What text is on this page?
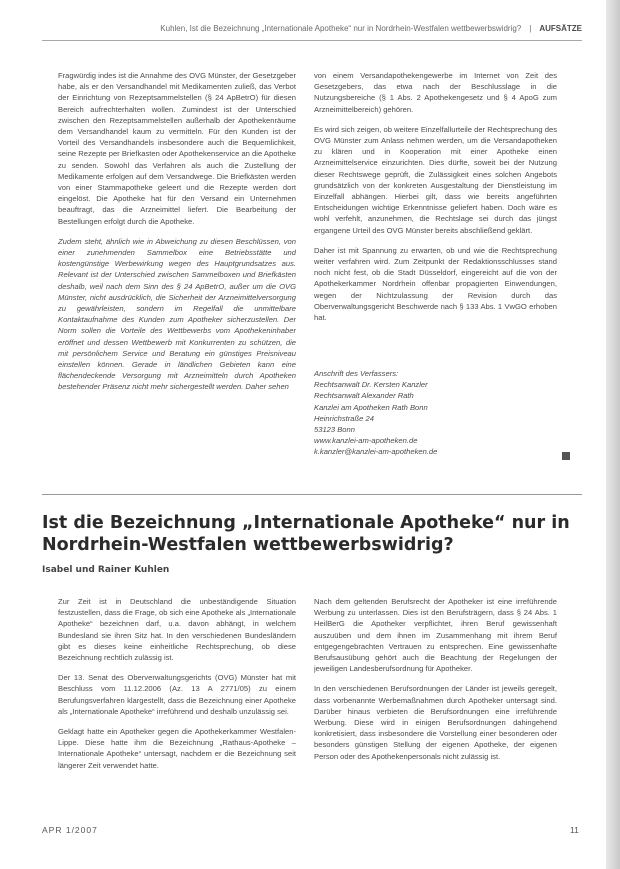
Kuhlen, Ist die Bezeichnung „Internationale Apotheke“ nur in Nordrhein-Westfalen wettbewerbswidrig? | AUFSÄTZE

Fragwürdig indes ist die Annahme des OVG Münster, der Gesetzgeber habe, als er den Versandhandel mit Medikamenten zuließ, das Verbot der Einrichtung von Rezeptsammelstellen (§ 24 ApBetrO) für diesen Bereich aufrechterhalten wollen. Zumindest ist der Unterschied zwischen den Rezeptsammelstellen außerhalb der Apothekenräume dem Versandhandel kaum zu vermitteln. Für den Kunden ist der Vorteil des Versandhandels insbesondere auch die Bequemlichkeit, seine Rezepte per Briefkasten oder Apothekenservice an die Apotheke zu senden. Sowohl das Verfahren als auch die Zustellung der Medikamente erfolgen auf dem Versandwege. Die Briefkästen werden von einer Stammapotheke geleert und die Rezepte werden dort eingelöst. Die Apotheke hat für den Versand ein Unternehmen beauftragt, das die Arzneimittel liefert. Die Bearbeitung der Bestellungen erfolgt durch die Apotheke.

Zudem steht, ähnlich wie in Abweichung zu diesen Beschlüssen, von einer zunehmenden Sammelbox eine Betriebsstätte und kostengünstige Werbewirkung wegen des Hauptgrundsatzes aus. Relevant ist der Unterschied zwischen Sammelboxen und Briefkästen deshalb, weil nach dem Sinn des § 24 ApBetrO, außer um die OVG Münster, nicht ausdrücklich, die Sicherheit der Arzneimittelversorgung zu gewährleisten, sondern im Regelfall die unmittelbare Kontaktaufnahme des Kunden zum Apotheker sicherzustellen. Der Norm sollen die Vorteile des Wettbewerbs vom Apothekeninhaber eröffnet und dessen Wettbewerb mit Konkurrenten zu schützen, die mit persönlichem Service und Beratung ein günstiges Preisniveau einstellen können. Gerade in ländlichen Gebieten kann eine flächendeckende Versorgung mit Arzneimitteln durch Apotheken bestehender Präsenz nicht mehr sichergestellt werden. Daher sehen

von einem Versandapothekengewerbe im Internet von Zeit des Gesetzgebers, das etwa nach der Beschlusslage in die Nutzungsbereiche (§ 1 Abs. 2 Apothekengesetz und § 4 ApoG zum Arzneimittelbereich) gehören.

Es wird sich zeigen, ob weitere Einzelfallurteile der Rechtsprechung des OVG Münster zum Anlass nehmen werden, um die Versandapotheken zu klären und in Kooperation mit einer Apotheke einen Arzneimittelservice einzurichten. Dies dürfte, soweit bei der Nutzung dieser Rechtswege geprüft, die Zulässigkeit eines solchen Angebots grundsätzlich von der konkreten Ausgestaltung der Dienstleistung im Einzelfall abhängen. Hierbei gilt, dass wie bereits angeführten Entscheidungen wichtige Erkenntnisse geliefert haben. Doch wäre es wohl verfehlt, anzunehmen, die Rechtslage sei durch das jüngst ergangene Urteil des OVG Münster bereits abschließend geklärt.

Daher ist mit Spannung zu erwarten, ob und wie die Rechtsprechung weiter verfahren wird. Zum Zeitpunkt der Redaktionsschlusses stand noch nicht fest, ob die Stadt Düsseldorf, eingereicht auf die von der Apothekerkammer Nordrhein offenbar propagierten Einwendungen, wegen der Nichtzulassung der Revision durch das Oberverwaltungsgericht Beschwerde nach § 133 Abs. 1 VwGO erhoben hat.

Anschrift des Verfassers:
Rechtsanwalt Dr. Kersten Kanzler
Rechtsanwalt Alexander Rath
Kanzlei am Apotheken Rath Bonn
Heinrichstraße 24
53123 Bonn
www.kanzlei-am-apotheken.de
k.kanzler@kanzlei-am-apotheken.de
Ist die Bezeichnung „Internationale Apotheke“ nur in Nordrhein-Westfalen wettbewerbswidrig?
Isabel und Rainer Kuhlen

Zur Zeit ist in Deutschland die unbeständigende Situation festzustellen, dass die Frage, ob sich eine Apotheke als „Internationale Apotheke“ bezeichnen darf, u.a. davon abhängt, in welchem Bundesland sie ihren Sitz hat. In den verschiedenen Bundesländern gibt es dieses keine einheitliche Rechtsprechung, ob diese Bezeichnung rechtlich zulässig ist.

Der 13. Senat des Oberverwaltungsgerichts (OVG) Münster hat mit Beschluss vom 11.12.2006 (Az. 13 A 2771/05) zu einem Berufungsverfahren klargestellt, dass die Bezeichnung einer Apotheke als „Internationale Apotheke“ irreführend und deshalb unzulässig sei.

Geklagt hatte ein Apotheker gegen die Apothekerkammer Westfalen-Lippe. Diese hatte ihm die Bezeichnung „Rathaus-Apotheke – Internationale Apotheke“ untersagt, nachdem er die Bezeichnung seit längerer Zeit verwendet hatte.

Nach dem geltenden Berufsrecht der Apotheker ist eine irreführende Werbung zu unterlassen. Dies ist den Berufsträgern, dass § 24 Abs. 1 HeilBerG die Apotheker verpflichtet, ihren Beruf gewissenhaft auszuüben und dem ihnen im Zusammenhang mit ihrem Beruf entgegengebrachten Vertrauen zu entsprechen. Eine gewissenhafte Berufsausübung gehört auch die Beachtung der Regelungen der jeweiligen Landesberufsordnung für Apotheker.

In den verschiedenen Berufsordnungen der Länder ist jeweils geregelt, dass vorbenannte Werbemaßnahmen durch Apotheker untersagt sind. Darüber hinaus verbieten die Berufsordnungen eine irreführende Werbung. Diese wird in einigen Berufsordnungen dahingehend konkretisiert, dass insbesondere die Vorstellung einer besonderen oder besonders günstigen Stellung der eigenen Apotheke, der eigenen Person oder des Apothekenpersonals nicht zulässig ist.

APR 1/2007	11
